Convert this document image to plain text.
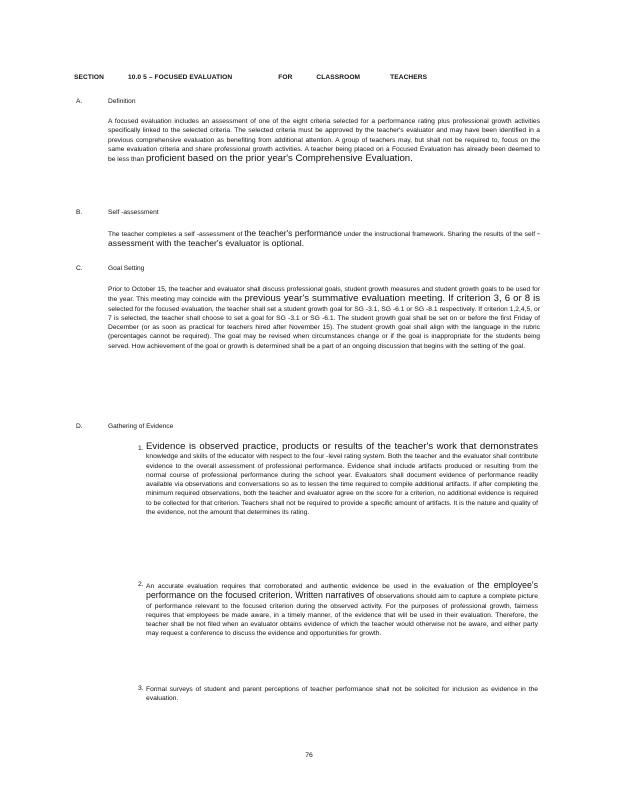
SECTION	10.0 5 – FOCUSED EVALUATION	FOR	CLASSROOM	TEACHERS
A.	Definition
A focused evaluation includes an assessment of one of the eight criteria selected for a performance rating plus professional growth activities specifically linked to the selected criteria. The selected criteria must be approved by the teacher's evaluator and may have been identified in a previous comprehensive evaluation as benefiting from additional attention. A group of teachers may, but shall not be required to, focus on the same evaluation criteria and share professional growth activities. A teacher being placed on a Focused Evaluation has already been deemed to be less than proficient based on the prior year's Comprehensive Evaluation.
B.	Self -assessment
The teacher completes a self -assessment of the teacher's performance under the instructional framework. Sharing the results of the self -assessment with the teacher's evaluator is optional.
C.	Goal Setting
Prior to October 15, the teacher and evaluator shall discuss professional goals, student growth measures and student growth goals to be used for the year. This meeting may coincide with the previous year's summative evaluation meeting. If criterion 3, 6 or 8 is selected for the focused evaluation, the teacher shall set a student growth goal for SG -3.1, SG -6.1 or SG -8.1 respectively. If criterion 1,2,4,5, or 7 is selected, the teacher shall choose to set a goal for SG -3.1 or SG -6.1. The student growth goal shall be set on or before the first Friday of December (or as soon as practical for teachers hired after November 15). The student growth goal shall align with the language in the rubric (percentages cannot be required). The goal may be revised when circumstances change or if the goal is inappropriate for the students being served. How achievement of the goal or growth is determined shall be a part of an ongoing discussion that begins with the setting of the goal.
D.	Gathering of Evidence
1. Evidence is observed practice, products or results of the teacher's work that demonstrates knowledge and skills of the educator with respect to the four -level rating system. Both the teacher and the evaluator shall contribute evidence to the overall assessment of professional performance. Evidence shall include artifacts produced or resulting from the normal course of professional performance during the school year. Evaluators shall document evidence of performance readily available via observations and conversations so as to lessen the time required to compile additional artifacts. If after completing the minimum required observations, both the teacher and evaluator agree on the score for a criterion, no additional evidence is required to be collected for that criterion. Teachers shall not be required to provide a specific amount of artifacts. It is the nature and quality of the evidence, not the amount that determines its rating.
2. An accurate evaluation requires that corroborated and authentic evidence be used in the evaluation of the employee's performance on the focused criterion. Written narratives of observations should aim to capture a complete picture of performance relevant to the focused criterion during the observed activity. For the purposes of professional growth, fairness requires that employees be made aware, in a timely manner, of the evidence that will be used in their evaluation. Therefore, the teacher shall be not filed when an evaluator obtains evidence of which the teacher would otherwise not be aware, and either party may request a conference to discuss the evidence and opportunities for growth.
3. Formal surveys of student and parent perceptions of teacher performance shall not be solicited for inclusion as evidence in the evaluation.
76
